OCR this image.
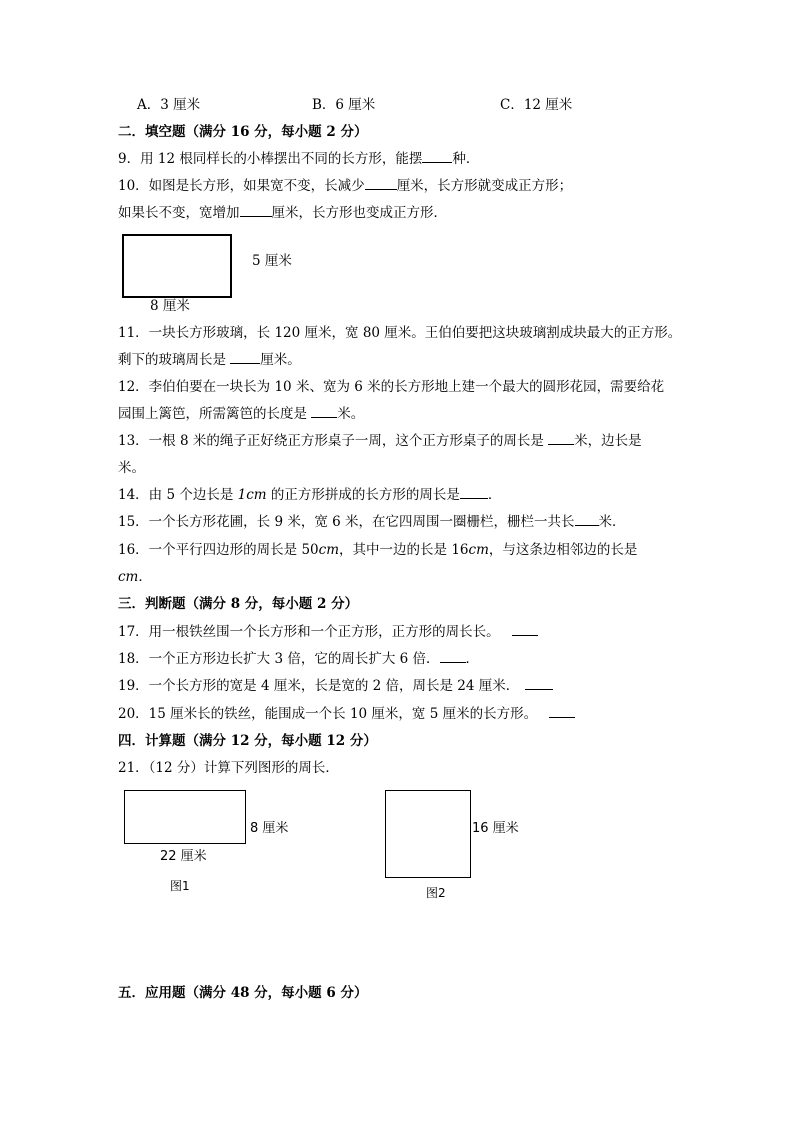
A．3 厘米	B．6 厘米	C．12 厘米
二．填空题（满分 16 分，每小题 2 分）
9．用 12 根同样长的小棒摆出不同的长方形，能摆 种．
10．如图是长方形，如果宽不变，长减少 厘米，长方形就变成正方形；
如果长不变，宽增加 厘米，长方形也变成正方形．
5 厘米
8 厘米
11．一块长方形玻璃，长 120 厘米，宽 80 厘米。王伯伯要把这块玻璃割成块最大的正方形。
剩下的玻璃周长是 厘米。
12．李伯伯要在一块长为 10 米、宽为 6 米的长方形地上建一个最大的圆形花园，需要给花
园围上篱笆，所需篱笆的长度是 米。
13．一根 8 米的绳子正好绕正方形桌子一周，这个正方形桌子的周长是 米，边长是
米。
14．由 5 个边长是 1cm 的正方形拼成的长方形的周长是 ．
15．一个长方形花圃，长 9 米，宽 6 米，在它四周围一圈栅栏，栅栏一共长 米．
16．一个平行四边形的周长是 50cm，其中一边的长是 16cm，与这条边相邻边的长是
cm．
三．判断题（满分 8 分，每小题 2 分）
17．用一根铁丝围一个长方形和一个正方形，正方形的周长长。
18．一个正方形边长扩大 3 倍，它的周长扩大 6 倍． ．
19．一个长方形的宽是 4 厘米，长是宽的 2 倍，周长是 24 厘米．
20．15 厘米长的铁丝，能围成一个长 10 厘米，宽 5 厘米的长方形。
四．计算题（满分 12 分，每小题 12 分）
21．（12 分）计算下列图形的周长．
8 厘米
22 厘米
图1
16 厘米
图2
五．应用题（满分 48 分，每小题 6 分）
